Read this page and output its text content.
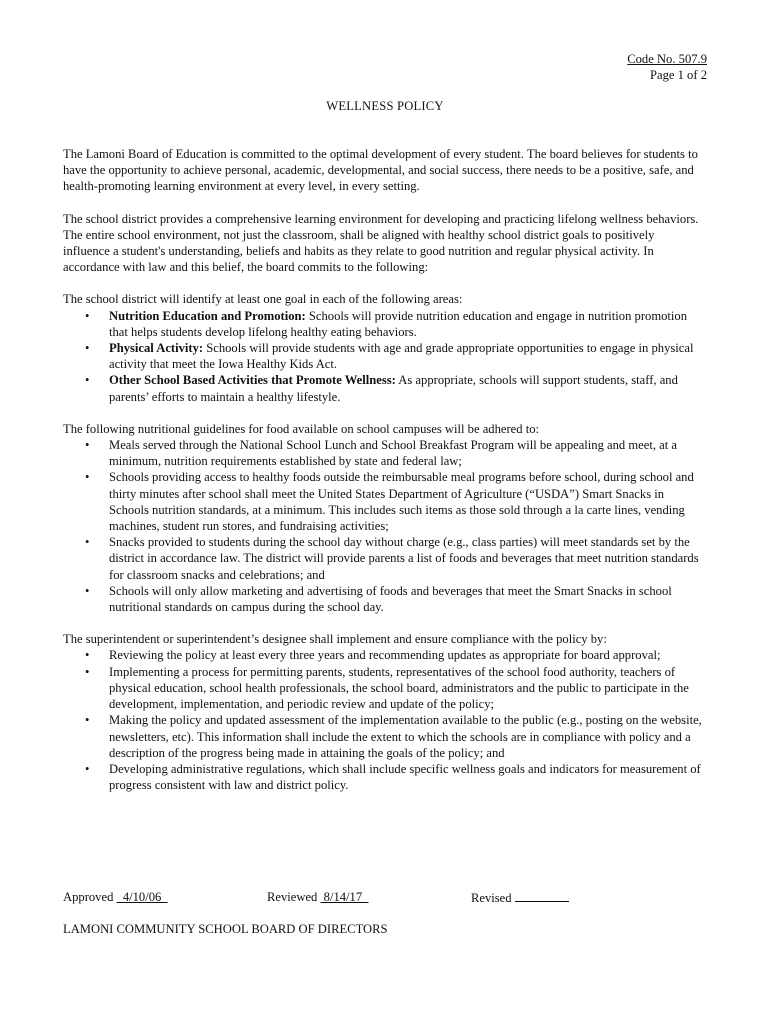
Code No. 507.9
Page 1 of 2
WELLNESS POLICY

The Lamoni Board of Education is committed to the optimal development of every student. The board believes for students to have the opportunity to achieve personal, academic, developmental, and social success, there needs to be a positive, safe, and health-promoting learning environment at every level, in every setting.

The school district provides a comprehensive learning environment for developing and practicing lifelong wellness behaviors. The entire school environment, not just the classroom, shall be aligned with healthy school district goals to positively influence a student's understanding, beliefs and habits as they relate to good nutrition and regular physical activity. In accordance with law and this belief, the board commits to the following:

The school district will identify at least one goal in each of the following areas:

• Nutrition Education and Promotion: Schools will provide nutrition education and engage in nutrition promotion that helps students develop lifelong healthy eating behaviors.
• Physical Activity: Schools will provide students with age and grade appropriate opportunities to engage in physical activity that meet the Iowa Healthy Kids Act.
• Other School Based Activities that Promote Wellness: As appropriate, schools will support students, staff, and parents’ efforts to maintain a healthy lifestyle.

The following nutritional guidelines for food available on school campuses will be adhered to:

• Meals served through the National School Lunch and School Breakfast Program will be appealing and meet, at a minimum, nutrition requirements established by state and federal law;
• Schools providing access to healthy foods outside the reimbursable meal programs before school, during school and thirty minutes after school shall meet the United States Department of Agriculture (“USDA”) Smart Snacks in Schools nutrition standards, at a minimum. This includes such items as those sold through a la carte lines, vending machines, student run stores, and fundraising activities;
• Snacks provided to students during the school day without charge (e.g., class parties) will meet standards set by the district in accordance law. The district will provide parents a list of foods and beverages that meet nutrition standards for classroom snacks and celebrations; and
• Schools will only allow marketing and advertising of foods and beverages that meet the Smart Snacks in school nutritional standards on campus during the school day.

The superintendent or superintendent’s designee shall implement and ensure compliance with the policy by:

• Reviewing the policy at least every three years and recommending updates as appropriate for board approval;
• Implementing a process for permitting parents, students, representatives of the school food authority, teachers of physical education, school health professionals, the school board, administrators and the public to participate in the development, implementation, and periodic review and update of the policy;
• Making the policy and updated assessment of the implementation available to the public (e.g., posting on the website, newsletters, etc). This information shall include the extent to which the schools are in compliance with policy and a description of the progress being made in attaining the goals of the policy; and
• Developing administrative regulations, which shall include specific wellness goals and indicators for measurement of progress consistent with law and district policy.
Approved   4/10/06	Reviewed  8/14/17	Revised
LAMONI COMMUNITY SCHOOL BOARD OF DIRECTORS
